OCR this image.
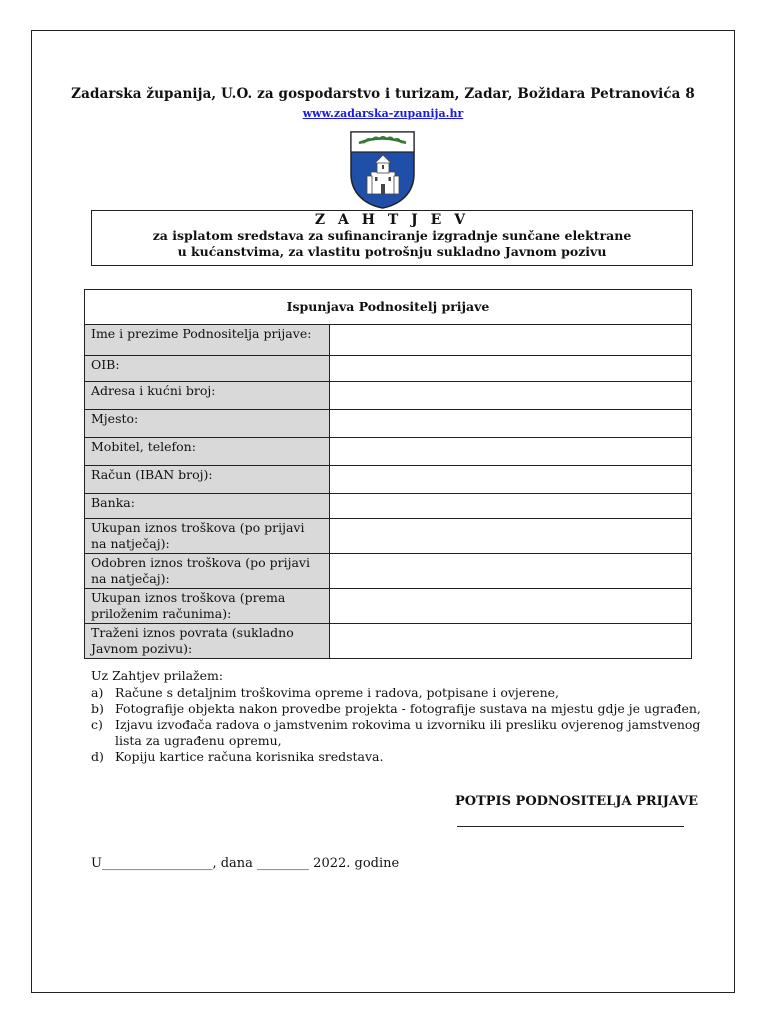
Zadarska županija, U.O. za gospodarstvo i turizam, Zadar, Božidara Petranovića 8
www.zadarska-zupanija.hr
Z A H T J E V
za isplatom sredstava za sufinanciranje izgradnje sunčane elektrane
u kućanstvima, za vlastitu potrošnju sukladno Javnom pozivu
Ispunjava Podnositelj prijave	
Ime i prezime Podnositelja prijave:	
OIB:	
Adresa i kućni broj:	
Mjesto:	
Mobitel, telefon:	
Račun (IBAN broj):	
Banka:	
Ukupan iznos troškova (po prijavi na natječaj):	
Odobren iznos troškova (po prijavi na natječaj):	
Ukupan iznos troškova (prema priloženim računima):	
Traženi iznos povrata (sukladno Javnom pozivu):	
Uz Zahtjev prilažem:
a) Račune s detaljnim troškovima opreme i radova, potpisane i ovjerene,
b) Fotografije objekta nakon provedbe projekta - fotografije sustava na mjestu gdje je ugrađen,
c) Izjavu izvođača radova o jamstvenim rokovima u izvorniku ili presliku ovjerenog jamstvenog lista za ugrađenu opremu,
d) Kopiju kartice računa korisnika sredstava.
POTPIS PODNOSITELJA PRIJAVE
U_________________, dana ________ 2022. godine
